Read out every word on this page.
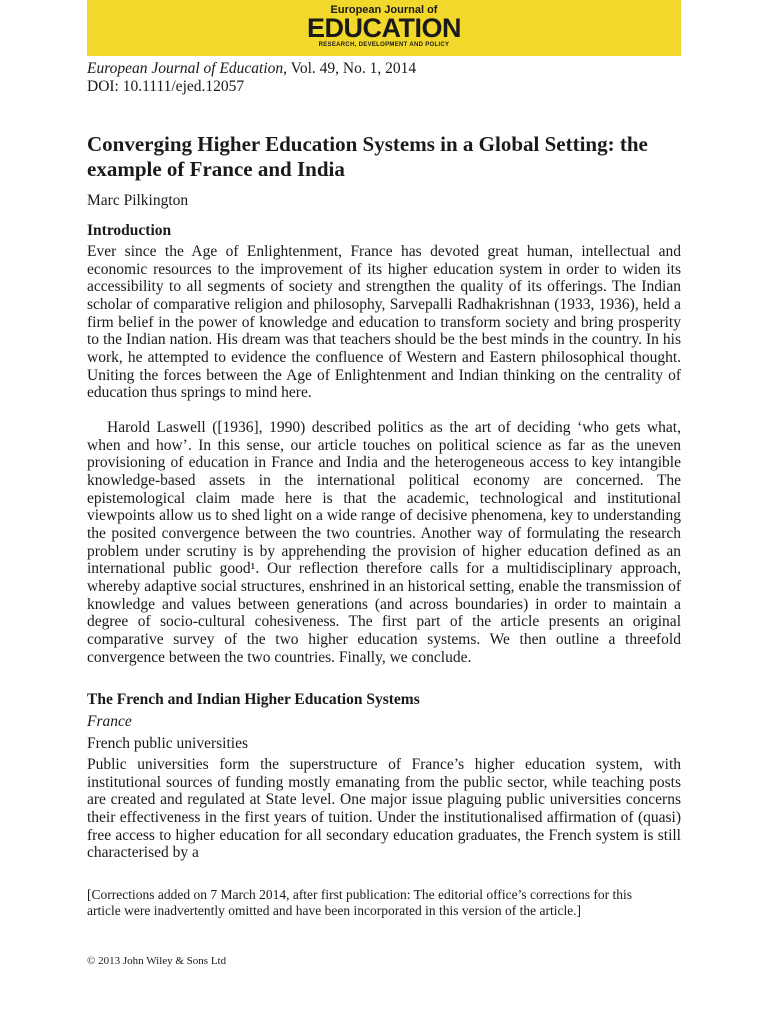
European Journal of
EDUCATION
RESEARCH, DEVELOPMENT AND POLICY
European Journal of Education, Vol. 49, No. 1, 2014
DOI: 10.1111/ejed.12057
Converging Higher Education Systems in a Global Setting: the example of France and India
Marc Pilkington
Introduction

Ever since the Age of Enlightenment, France has devoted great human, intellectual and economic resources to the improvement of its higher education system in order to widen its accessibility to all segments of society and strengthen the quality of its offerings. The Indian scholar of comparative religion and philosophy, Sarvepalli Radhakrishnan (1933, 1936), held a firm belief in the power of knowledge and education to transform society and bring prosperity to the Indian nation. His dream was that teachers should be the best minds in the country. In his work, he attempted to evidence the confluence of Western and Eastern philosophical thought. Uniting the forces between the Age of Enlightenment and Indian thinking on the centrality of education thus springs to mind here.

Harold Laswell ([1936], 1990) described politics as the art of deciding ‘who gets what, when and how’. In this sense, our article touches on political science as far as the uneven provisioning of education in France and India and the heterogeneous access to key intangible knowledge-based assets in the international political economy are concerned. The epistemological claim made here is that the academic, technological and institutional viewpoints allow us to shed light on a wide range of decisive phenomena, key to understanding the posited convergence between the two countries. Another way of formulating the research problem under scrutiny is by apprehending the provision of higher education defined as an international public good¹. Our reflection therefore calls for a multidisciplinary approach, whereby adaptive social structures, enshrined in an historical setting, enable the transmission of knowledge and values between generations (and across boundaries) in order to maintain a degree of socio-cultural cohesiveness. The first part of the article presents an original comparative survey of the two higher education systems. We then outline a threefold convergence between the two countries. Finally, we conclude.

The French and Indian Higher Education Systems
France
French public universities

Public universities form the superstructure of France’s higher education system, with institutional sources of funding mostly emanating from the public sector, while teaching posts are created and regulated at State level. One major issue plaguing public universities concerns their effectiveness in the first years of tuition. Under the institutionalised affirmation of (quasi) free access to higher education for all secondary education graduates, the French system is still characterised by a

[Corrections added on 7 March 2014, after first publication: The editorial office’s corrections for this article were inadvertently omitted and have been incorporated in this version of the article.]

© 2013 John Wiley & Sons Ltd
